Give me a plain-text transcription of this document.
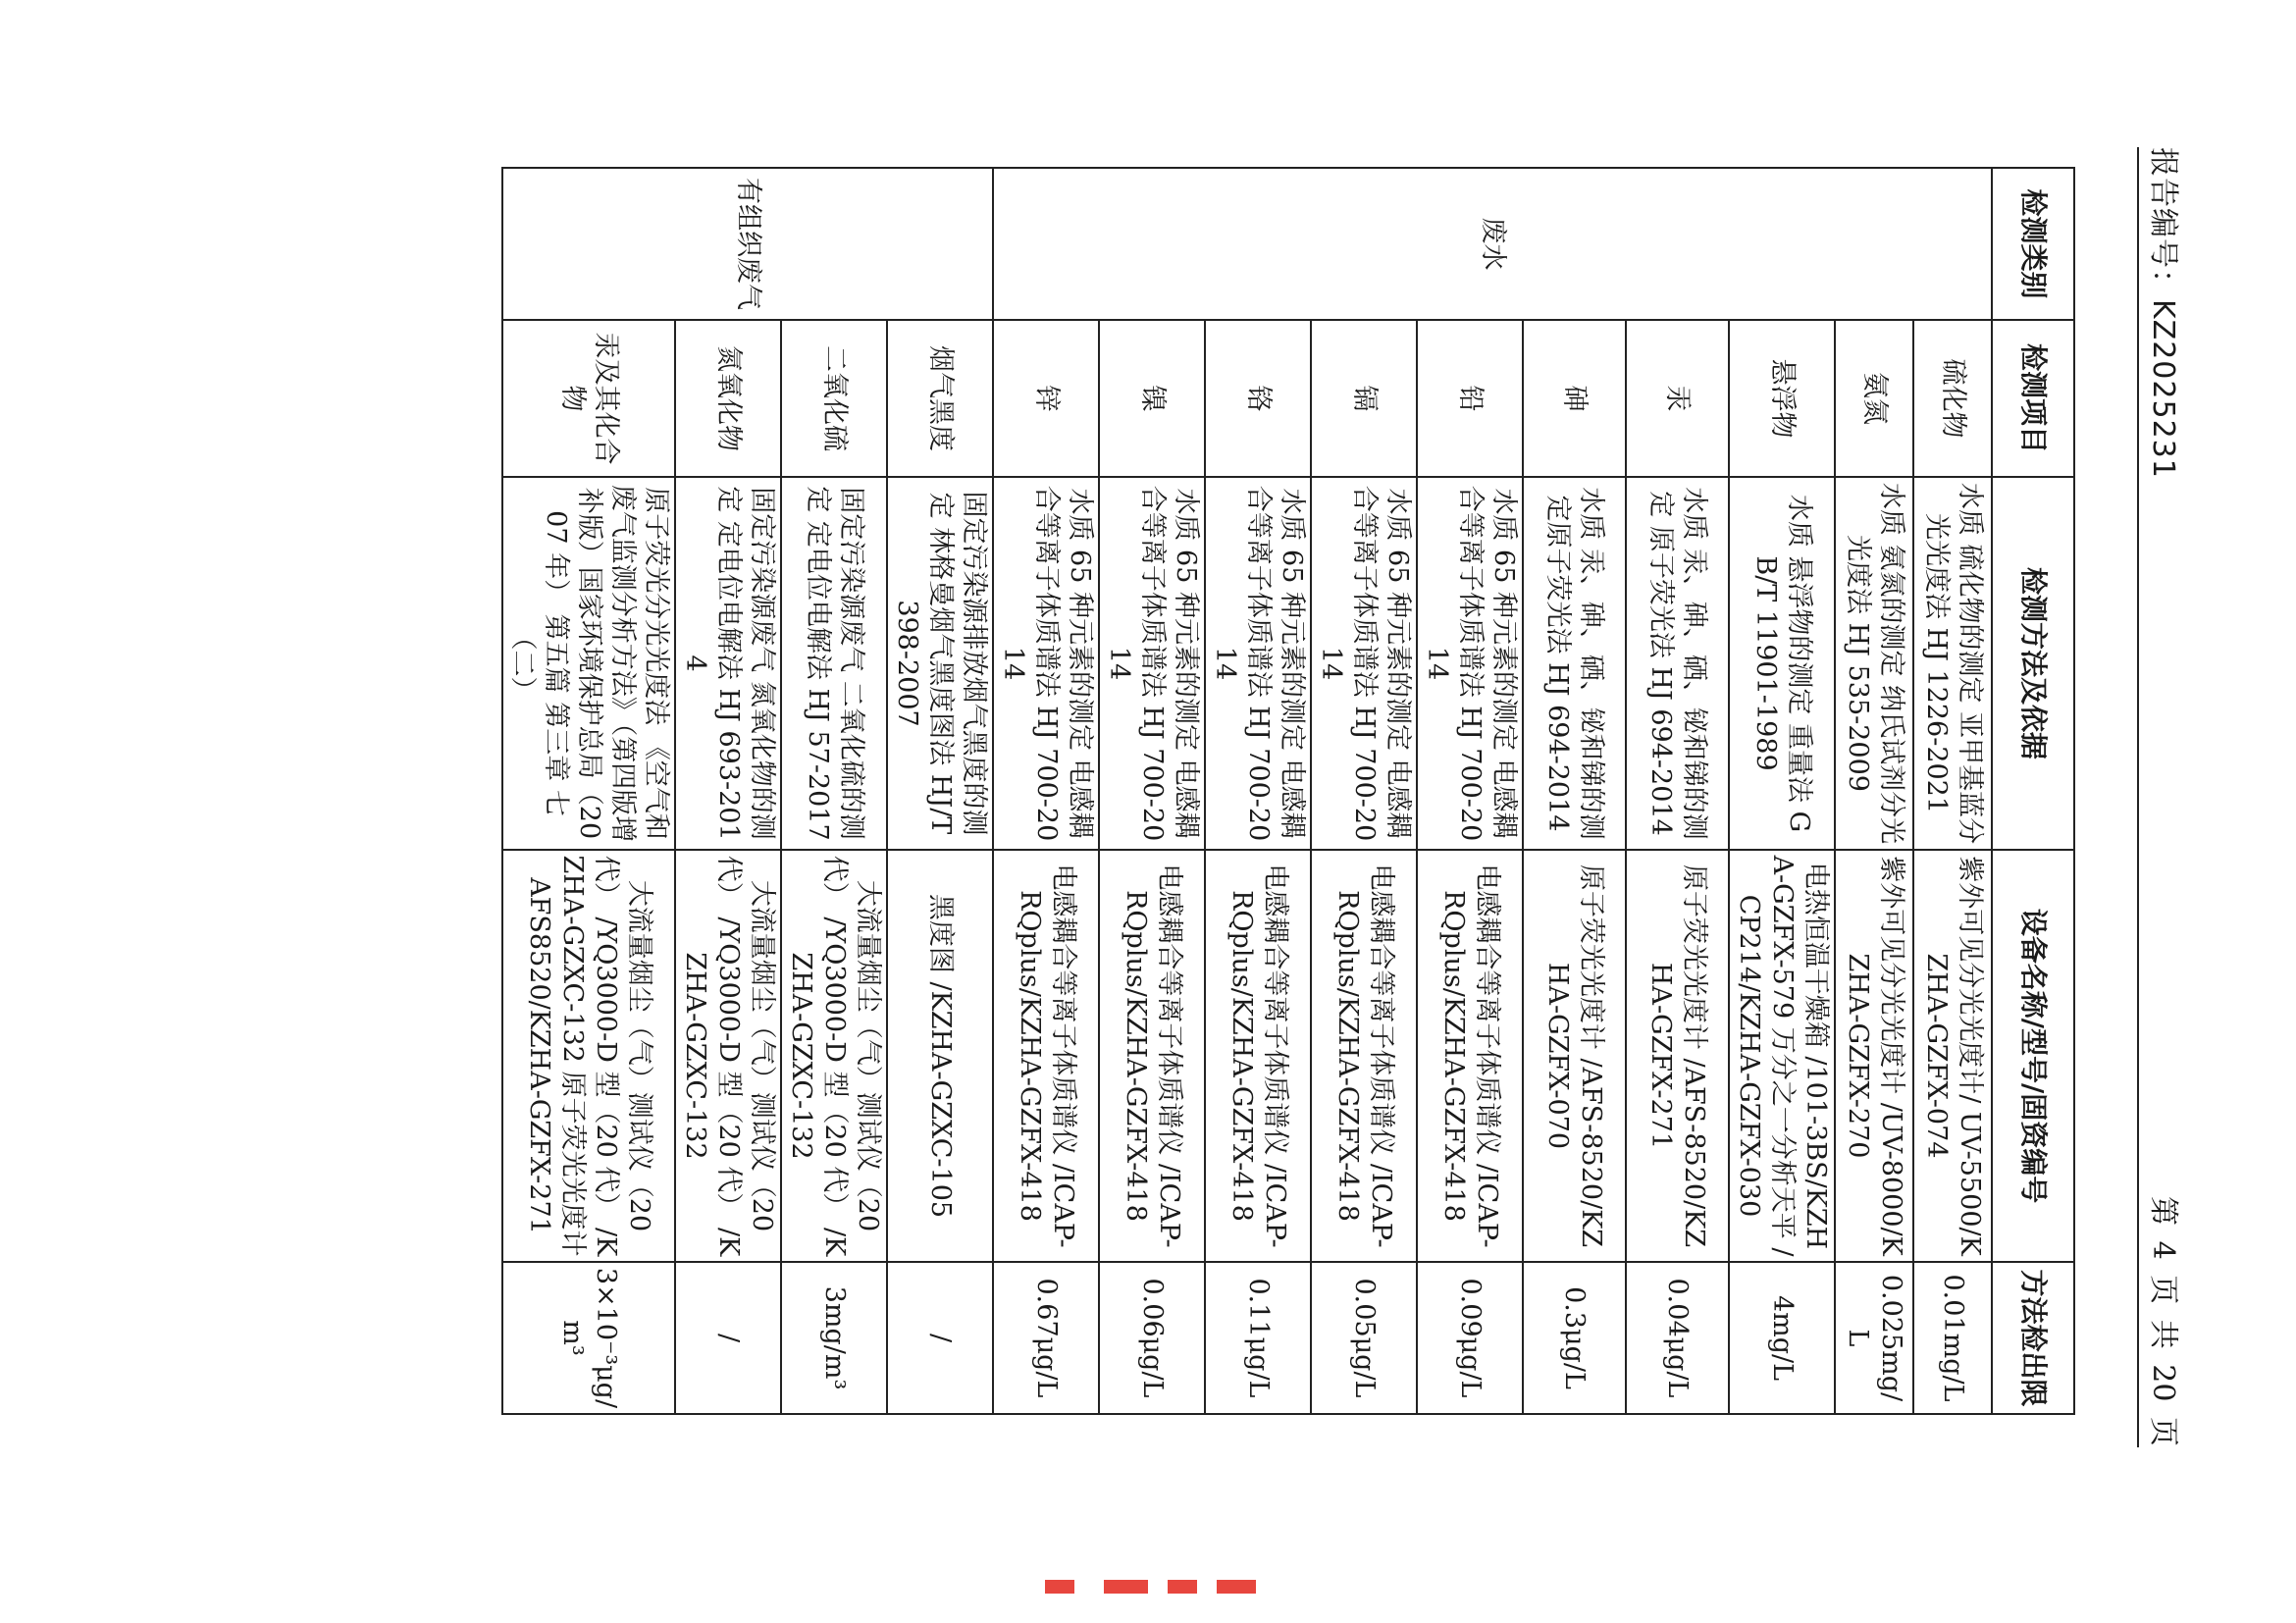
报告编号：KZ2025231
第 4 页 共 20 页
检测类别	检测项目	检测方法及依据	设备名称/型号/固资编号	方法检出限
废水	硫化物	水质 硫化物的测定 亚甲基蓝分光光度法 HJ 1226-2021	紫外可见分光光度计/ UV-5500/KZHA-GZFX-074	0.01mg/L
	氨氮	水质 氨氮的测定 纳氏试剂分光光度法 HJ 535-2009	紫外可见分光光度计 /UV-8000/KZHA-GZFX-270	0.025mg/L
	悬浮物	水质 悬浮物的测定 重量法 GB/T 11901-1989	电热恒温干燥箱 /101-3BS/KZHA-GZFX-579 万分之一分析天平 /CP214/KZHA-GZFX-030	4mg/L
	汞	水质 汞、砷、硒、铋和锑的测定 原子荧光法 HJ 694-2014	原子荧光光度计 /AFS-8520/KZHA-GZFX-271	0.04μg/L
	砷	水质 汞、砷、硒、铋和锑的测定原子荧光法 HJ 694-2014	原子荧光光度计 /AFS-8520/KZHA-GZFX-070	0.3μg/L
	铅	水质 65 种元素的测定 电感耦合等离子体质谱法 HJ 700-2014	电感耦合等离子体质谱仪 /ICAP-RQplus/KZHA-GZFX-418	0.09μg/L
	镉	水质 65 种元素的测定 电感耦合等离子体质谱法 HJ 700-2014	电感耦合等离子体质谱仪 /ICAP-RQplus/KZHA-GZFX-418	0.05μg/L
	铬	水质 65 种元素的测定 电感耦合等离子体质谱法 HJ 700-2014	电感耦合等离子体质谱仪 /ICAP-RQplus/KZHA-GZFX-418	0.11μg/L
	镍	水质 65 种元素的测定 电感耦合等离子体质谱法 HJ 700-2014	电感耦合等离子体质谱仪 /ICAP-RQplus/KZHA-GZFX-418	0.06μg/L
	锌	水质 65 种元素的测定 电感耦合等离子体质谱法 HJ 700-2014	电感耦合等离子体质谱仪 /ICAP-RQplus/KZHA-GZFX-418	0.67μg/L
有组织废气	烟气黑度	固定污染源排放烟气黑度的测定 林格曼烟气黑度图法 HJ/T 398-2007	黑度图 /KZHA-GZXC-105	/
	二氧化硫	固定污染源废气 二氧化硫的测定 定电位电解法 HJ 57-2017	大流量烟尘（气）测试仪（20 代） /YQ3000-D 型（20 代） /KZHA-GZXC-132	3mg/m³
	氮氧化物	固定污染源废气 氮氧化物的测定 定电位电解法 HJ 693-2014	大流量烟尘（气）测试仪（20 代） /YQ3000-D 型（20 代） /KZHA-GZXC-132	/
	汞及其化合物	原子荧光分光光度法 《空气和废气监测分析方法》（第四版增补版）国家环境保护总局（2007 年） 第五篇 第三章 七（二）	大流量烟尘（气）测试仪（20 代） /YQ3000-D 型（20 代） /KZHA-GZXC-132 原子荧光光度计 AFS8520/KZHA-GZFX-271	3×10⁻³μg/m³
